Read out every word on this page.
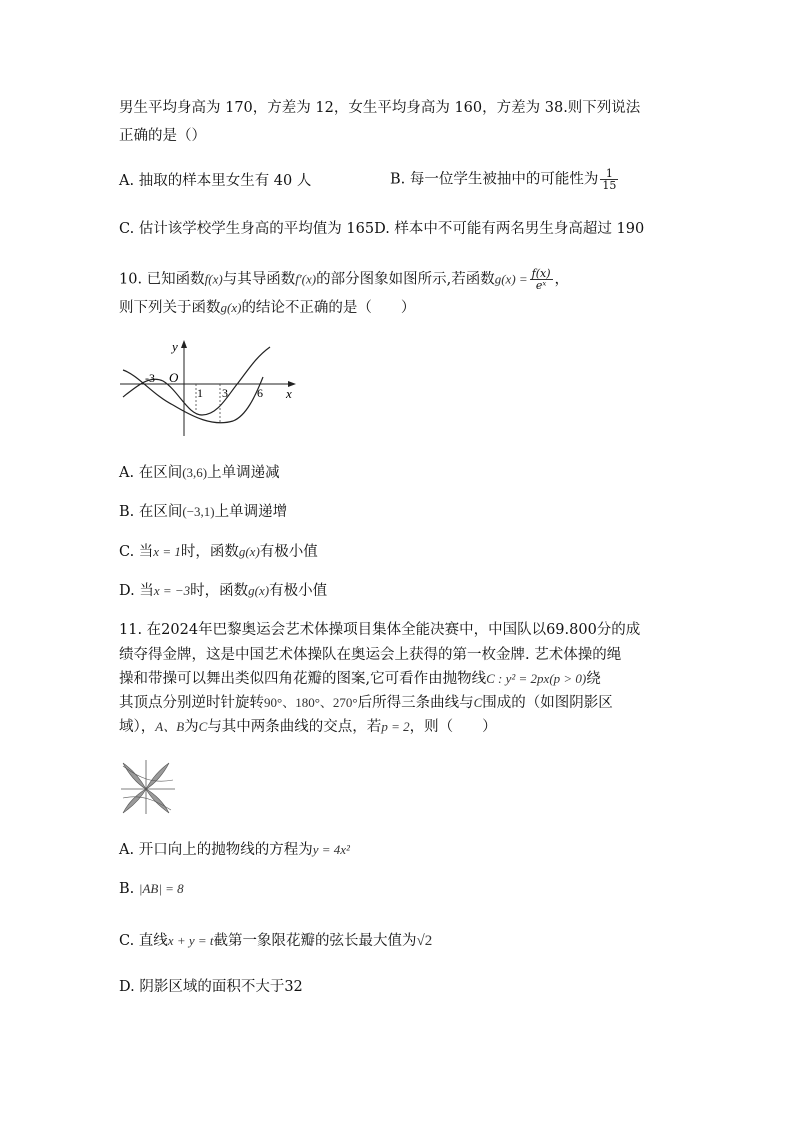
男生平均身高为 170，方差为 12，女生平均身高为 160，方差为 38.则下列说法
正确的是（）
A. 抽取的样本里女生有 40 人	B. 每一位学生被抽中的可能性为 $\frac{1}{15}$
C. 估计该学校学生身高的平均值为 165D. 样本中不可能有两名男生身高超过 190
10. 已知函数f(x)与其导函数f′(x)的部分图象如图所示,若函数$g(x) = \frac{f(x)}{\text{eˣ}}$ ，
则下列关于函数g(x)的结论不正确的是（　　）
y
x
O
-3
1 3 6
A. 在区间(3,6)上单调递减
B. 在区间(−3,1)上单调递增
C. 当x = 1时，函数g(x)有极小值
D. 当x = −3时，函数g(x)有极小值
11. 在2024年巴黎奥运会艺术体操项目集体全能决赛中，中国队以69.800分的成
绩夺得金牌，这是中国艺术体操队在奥运会上获得的第一枚金牌. 艺术体操的绳
操和带操可以舞出类似四角花瓣的图案,它可看作由抛物线C : y² = 2px(p > 0)绕
其顶点分别逆时针旋转90°、180°、270°后所得三条曲线与C围成的（如图阴影区
域），A、B为C与其中两条曲线的交点，若p = 2，则（　　）
A. 开口向上的抛物线的方程为y = 4x²
B. |AB| = 8
C. 直线x + y = t截第一象限花瓣的弦长最大值为√2
D. 阴影区域的面积不大于32
